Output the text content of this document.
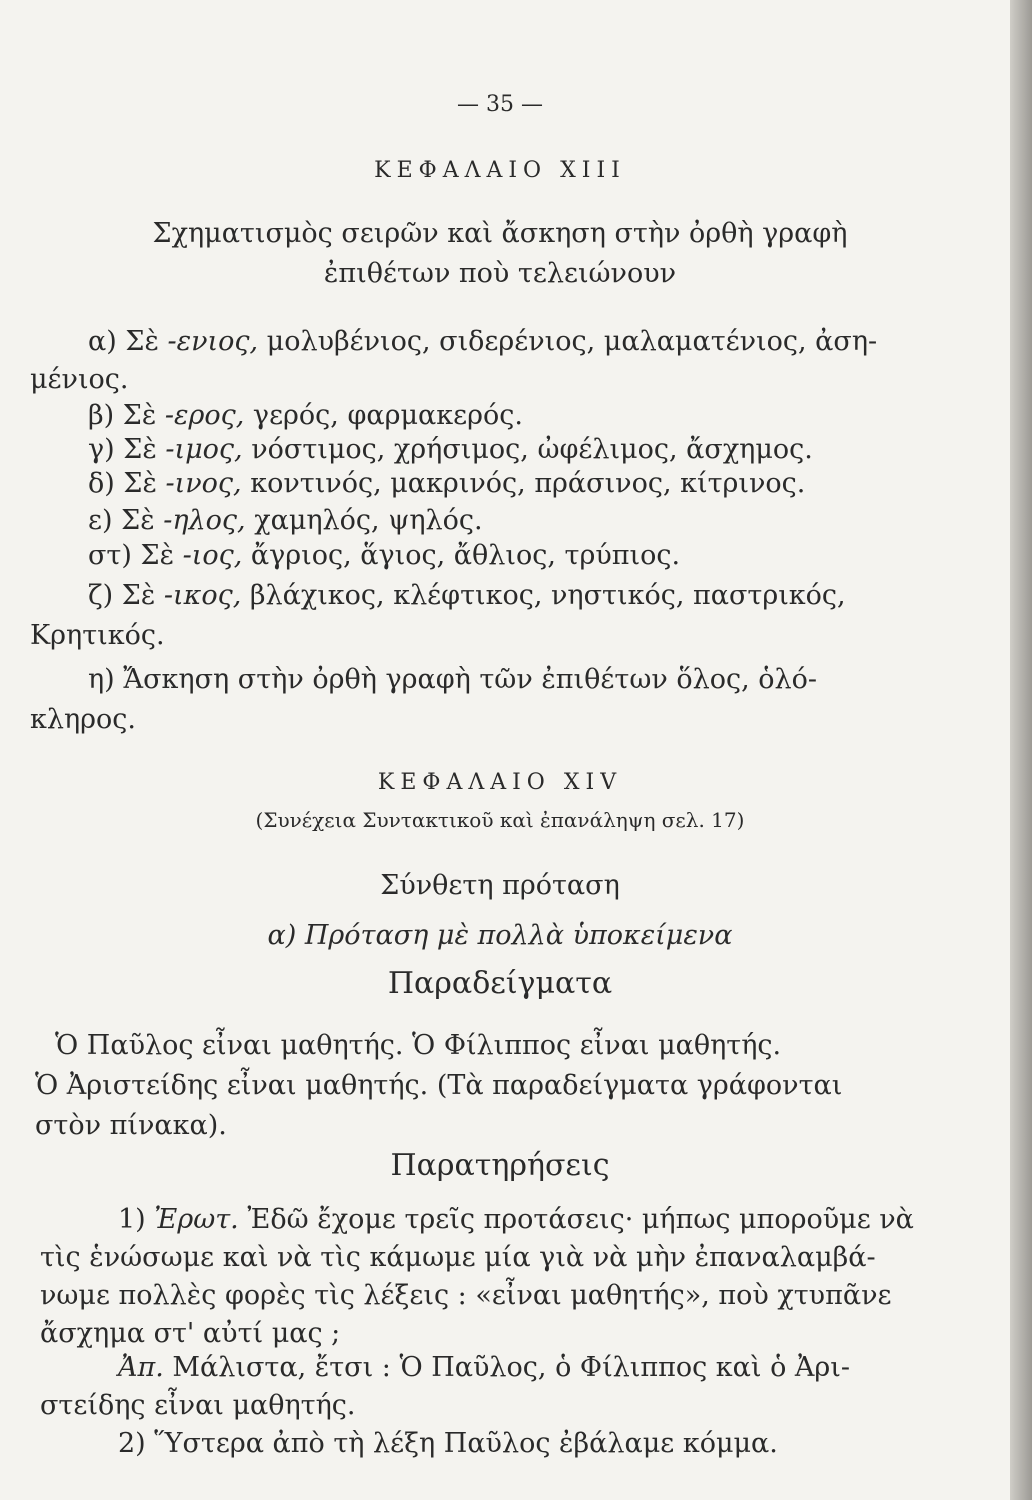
— 35 —
ΚΕΦΑΛΑΙΟ XIII
Σχηματισμὸς σειρῶν καὶ ἄσκηση στὴν ὀρθὴ γραφὴ
ἐπιθέτων ποὺ τελειώνουν
α) Σὲ -ενιος, μολυβένιος, σιδερένιος, μαλαματένιος, ἀση-
μένιος.
β) Σὲ -ερος, γερός, φαρμακερός.
γ) Σὲ -ιμος, νόστιμος, χρήσιμος, ὠφέλιμος, ἄσχημος.
δ) Σὲ -ινος, κοντινός, μακρινός, πράσινος, κίτρινος.
ε) Σὲ -ηλος, χαμηλός, ψηλός.
στ) Σὲ -ιος, ἄγριος, ἅγιος, ἄθλιος, τρύπιος.
ζ) Σὲ -ικος, βλάχικος, κλέφτικος, νηστικός, παστρικός,
Κρητικός.
η) Ἄσκηση στὴν ὀρθὴ γραφὴ τῶν ἐπιθέτων ὅλος, ὁλό-
κληρος.
ΚΕΦΑΛΑΙΟ XIV
(Συνέχεια Συντακτικοῦ καὶ ἐπανάληψη σελ. 17)
Σύνθετη πρόταση
α) Πρόταση μὲ πολλὰ ὑποκείμενα
Παραδείγματα
Ὁ Παῦλος εἶναι μαθητής. Ὁ Φίλιππος εἶναι μαθητής.
Ὁ Ἀριστείδης εἶναι μαθητής. (Τὰ παραδείγματα γράφονται
στὸν πίνακα).
Παρατηρήσεις
1) Ἐρωτ. Ἐδῶ ἔχομε τρεῖς προτάσεις· μήπως μποροῦμε νὰ
τὶς ἑνώσωμε καὶ νὰ τὶς κάμωμε μία γιὰ νὰ μὴν ἐπαναλαμβά-
νωμε πολλὲς φορὲς τὶς λέξεις : «εἶναι μαθητής», ποὺ χτυπᾶνε
ἄσχημα στ' αὐτί μας ;
Ἀπ. Μάλιστα, ἔτσι : Ὁ Παῦλος, ὁ Φίλιππος καὶ ὁ Ἀρι-
στείδης εἶναι μαθητής.
2) Ὕστερα ἀπὸ τὴ λέξη Παῦλος ἐβάλαμε κόμμα.
